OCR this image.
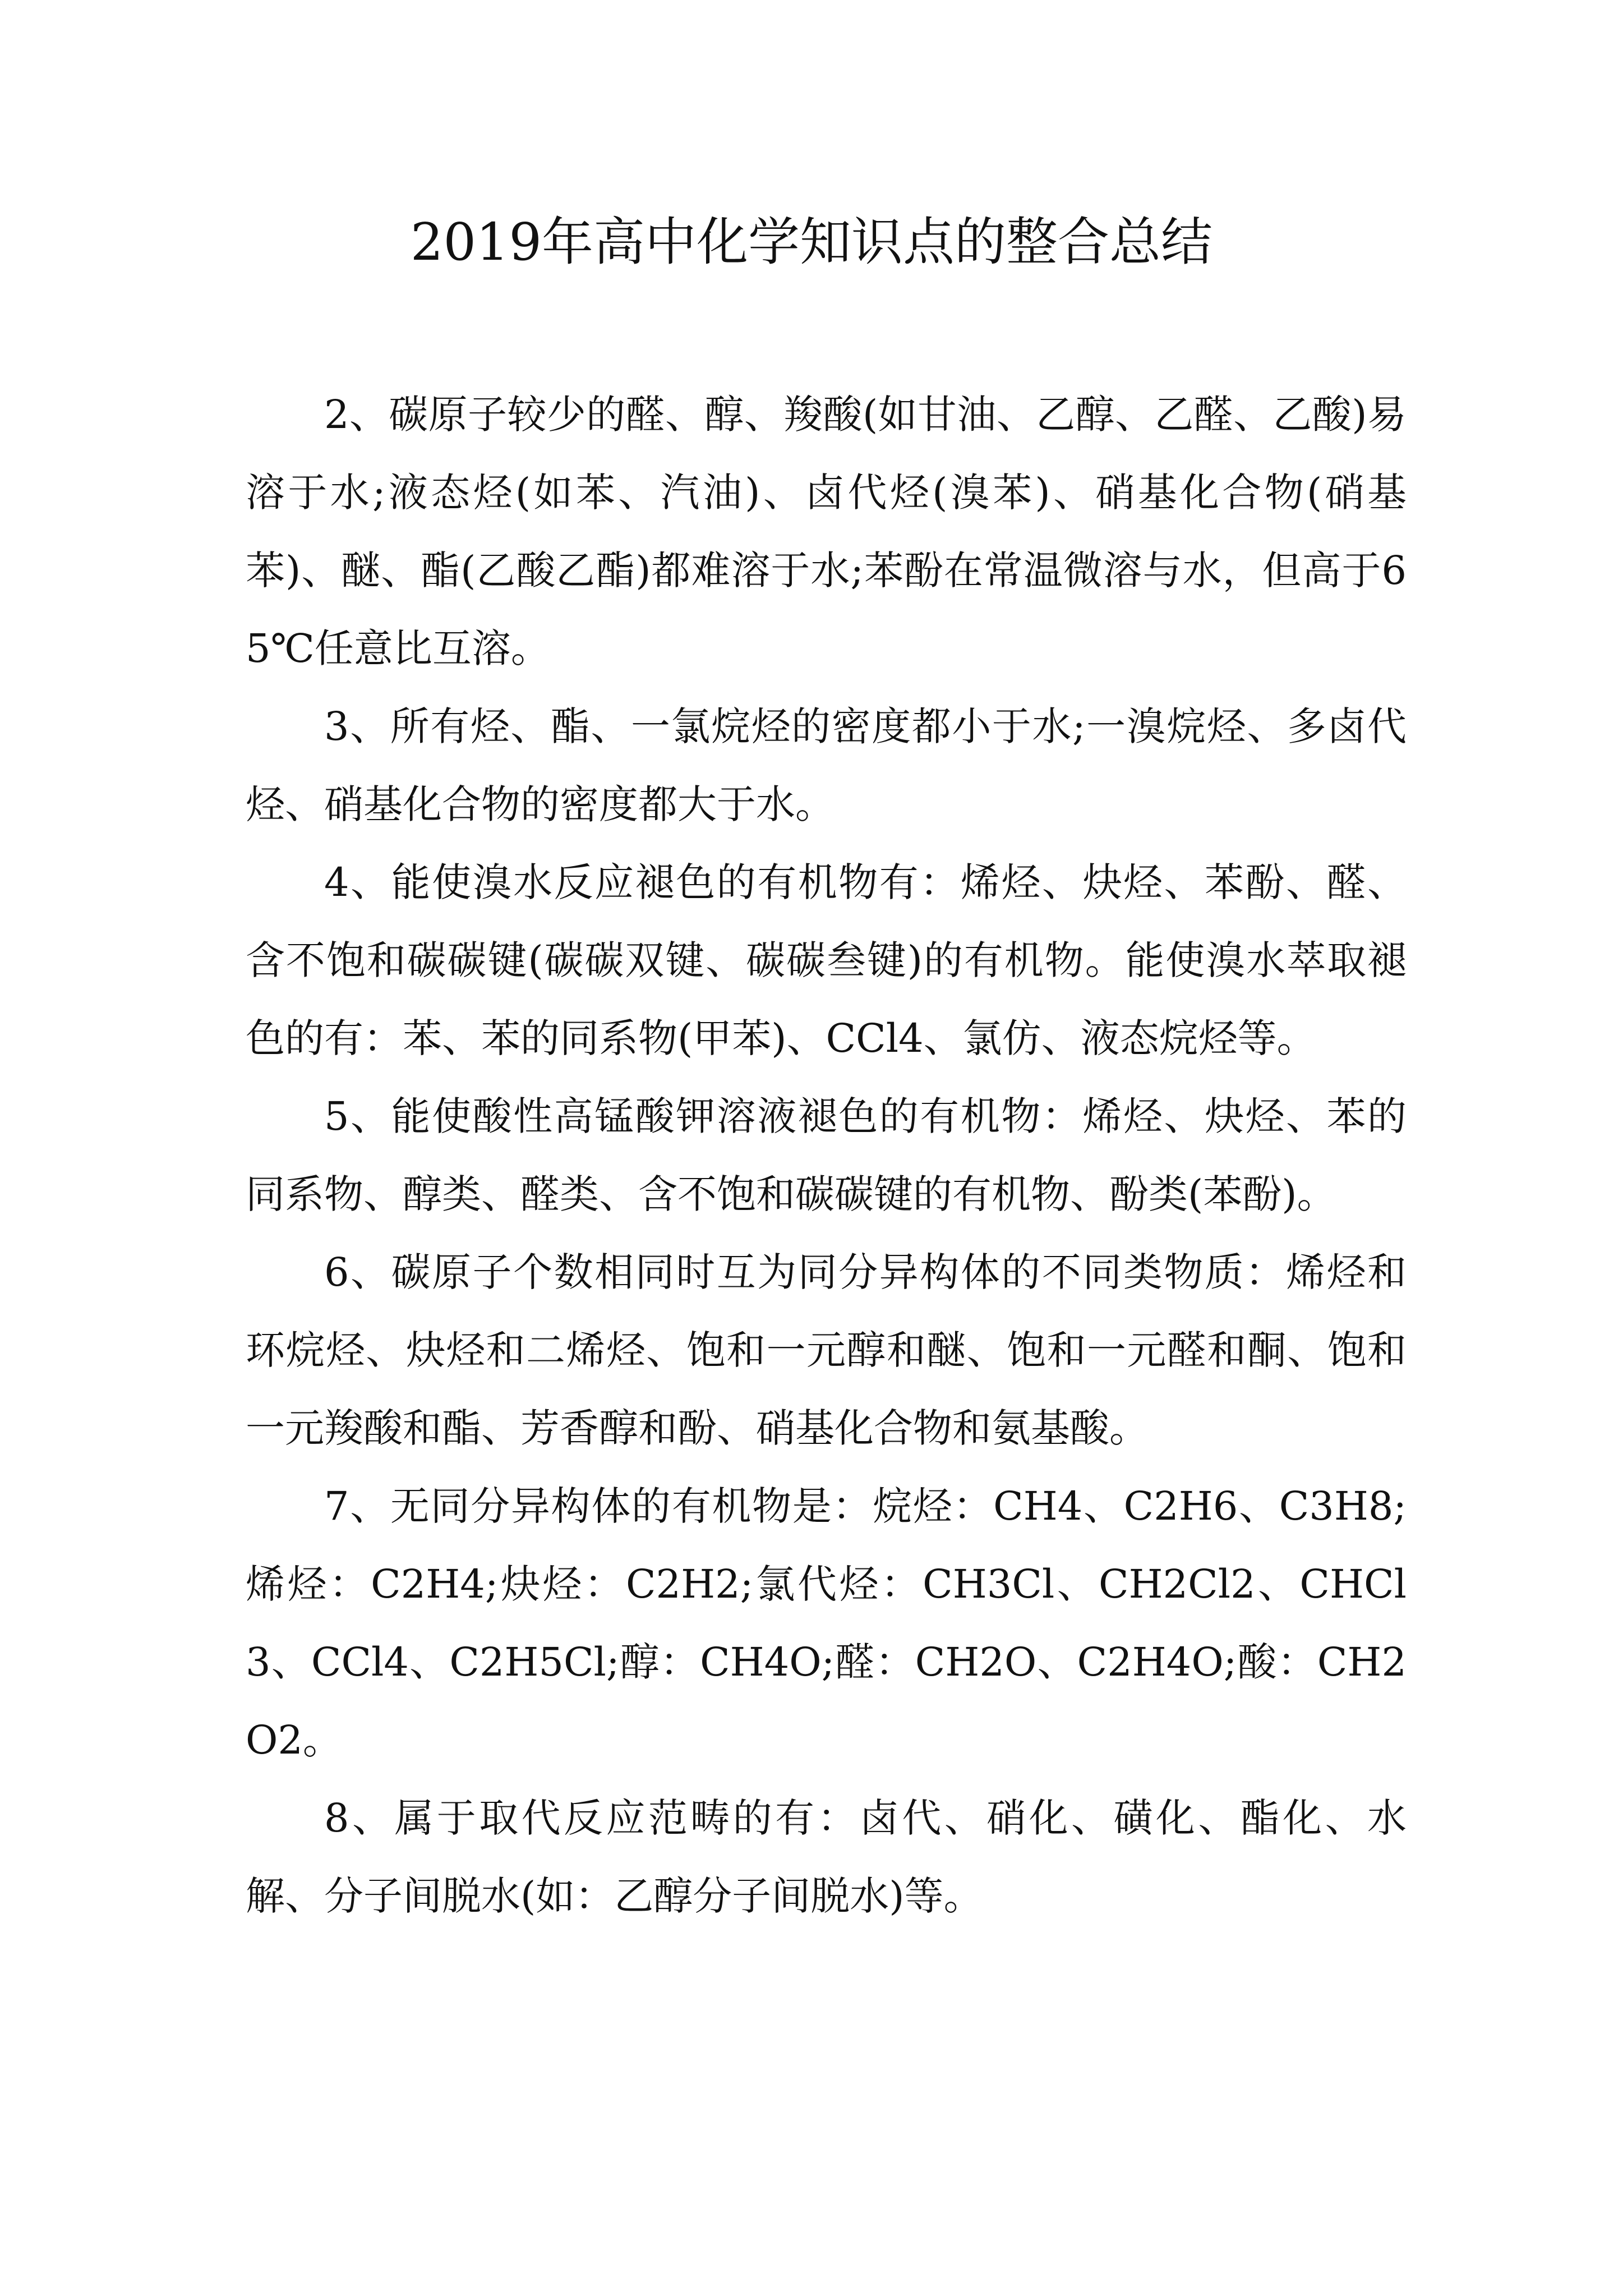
2019年高中化学知识点的整合总结

2、碳原子较少的醛、醇、羧酸(如甘油、乙醇、乙醛、乙酸)易溶于水;液态烃(如苯、汽油)、卤代烃(溴苯)、硝基化合物(硝基苯)、醚、酯(乙酸乙酯)都难溶于水;苯酚在常温微溶与水，但高于65℃任意比互溶。

3、所有烃、酯、一氯烷烃的密度都小于水;一溴烷烃、多卤代烃、硝基化合物的密度都大于水。

4、能使溴水反应褪色的有机物有：烯烃、炔烃、苯酚、醛、含不饱和碳碳键(碳碳双键、碳碳叁键)的有机物。能使溴水萃取褪色的有：苯、苯的同系物(甲苯)、CCl4、氯仿、液态烷烃等。

5、能使酸性高锰酸钾溶液褪色的有机物：烯烃、炔烃、苯的同系物、醇类、醛类、含不饱和碳碳键的有机物、酚类(苯酚)。

6、碳原子个数相同时互为同分异构体的不同类物质：烯烃和环烷烃、炔烃和二烯烃、饱和一元醇和醚、饱和一元醛和酮、饱和一元羧酸和酯、芳香醇和酚、硝基化合物和氨基酸。

7、无同分异构体的有机物是：烷烃：CH4、C2H6、C3H8;烯烃：C2H4;炔烃：C2H2;氯代烃：CH3Cl、CH2Cl2、CHCl3、CCl4、C2H5Cl;醇：CH4O;醛：CH2O、C2H4O;酸：CH2O2。

8、属于取代反应范畴的有：卤代、硝化、磺化、酯化、水解、分子间脱水(如：乙醇分子间脱水)等。
